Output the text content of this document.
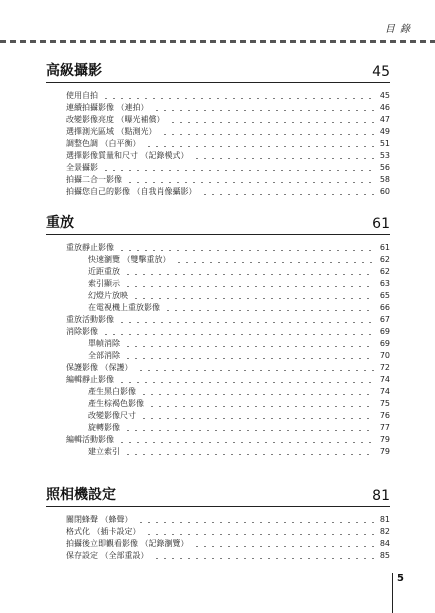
目 錄
高級攝影	45
使用自拍	45
連續拍攝影像 （連拍）	46
改變影像亮度 （曝光補償）	47
選擇測光區域 （點測光）	49
調整色調 （白平衡）	51
選擇影像質量和尺寸 （記錄模式）	53
全景攝影	56
拍攝二合一影像	58
拍攝您自己的影像 （自我肖像攝影）	60
重放	61
重放靜止影像	61
快速瀏覽 （雙擊重放）	62
近距重放	62
索引顯示	63
幻燈片放映	65
在電視機上重放影像	66
重放活動影像	67
消除影像	69
單幀消除	69
全部消除	70
保護影像 （保護）	72
編輯靜止影像	74
產生黑白影像	74
產生棕褐色影像	75
改變影像尺寸	76
旋轉影像	77
編輯活動影像	79
建立索引	79
照相機設定	81
關閉蜂聲 （蜂聲）	81
格式化 （插卡設定）	82
拍攝後立即觀看影像 （記錄瀏覽）	84
保存設定 （全部重設）	85
5
